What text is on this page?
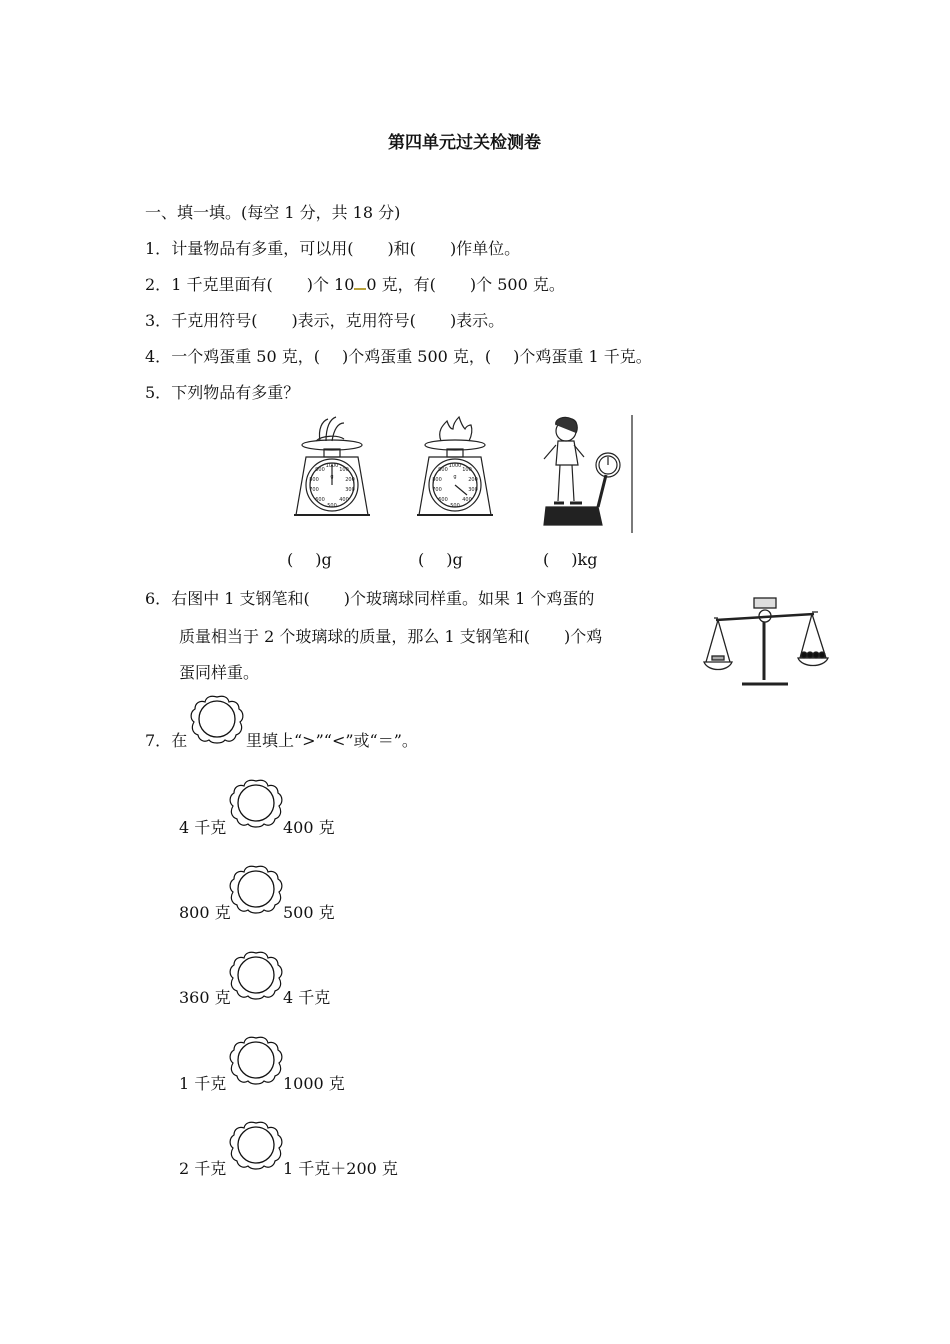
第四单元过关检测卷
一、填一填。(每空 1 分，共 18 分)
1．计量物品有多重，可以用( )和( )作单位。
2．1 千克里面有( )个 10 0 克，有( )个 500 克。
3．千克用符号( )表示，克用符号( )表示。
4．一个鸡蛋重 50 克，( )个鸡蛋重 500 克，( )个鸡蛋重 1 千克。
5．下列物品有多重？
1000
900	100
800	200
700	300
600	400
500
g
1000
900	100
800	200
700	300
600	400
500
g
( )g	( )g	( )kg
6．右图中 1 支钢笔和( )个玻璃球同样重。如果 1 个鸡蛋的
质量相当于 2 个玻璃球的质量，那么 1 支钢笔和( )个鸡
蛋同样重。
7．在	里填上“>”“<”或“＝”。
4 千克	400 克
800 克	500 克
360 克	4 千克
1 千克	1000 克
2 千克	1 千克＋200 克
